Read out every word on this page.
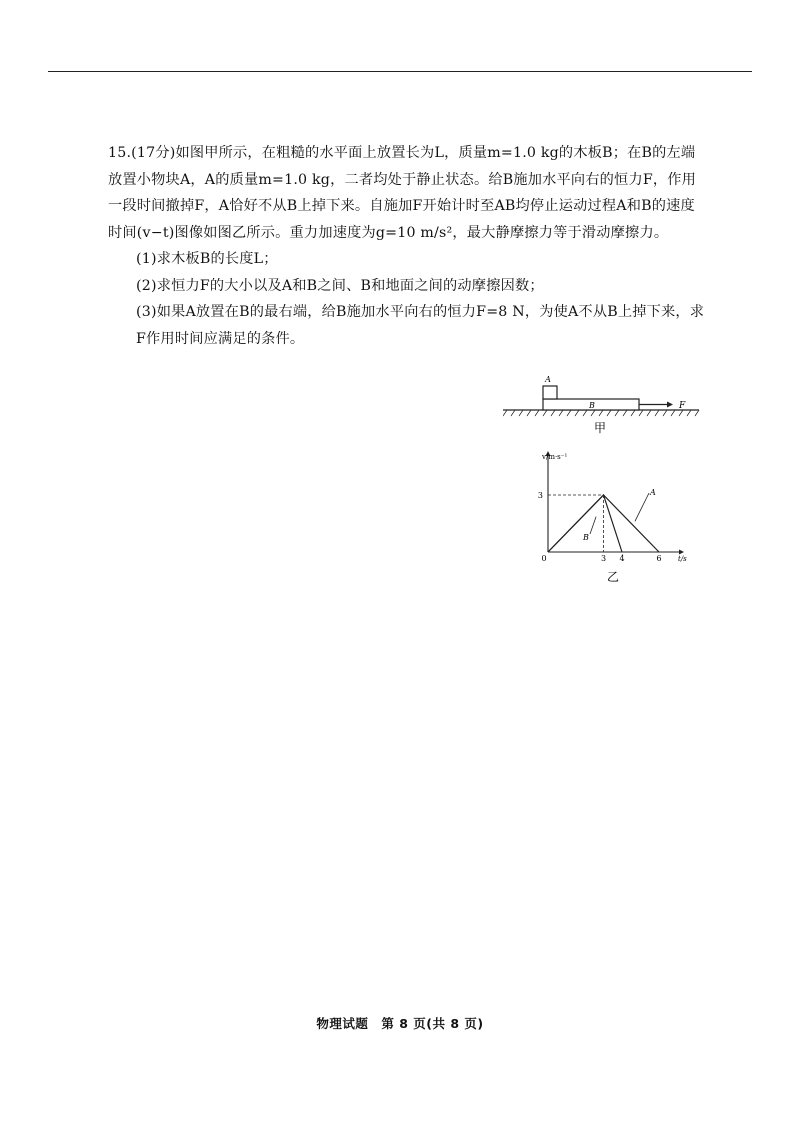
15.(17分)如图甲所示，在粗糙的水平面上放置长为L，质量m=1.0 kg的木板B；在B的左端放置小物块A，A的质量m=1.0 kg，二者均处于静止状态。给B施加水平向右的恒力F，作用一段时间撤掉F，A恰好不从B上掉下来。自施加F开始计时至AB均停止运动过程A和B的速度时间(v−t)图像如图乙所示。重力加速度为g=10 m/s²，最大静摩擦力等于滑动摩擦力。

(1)求木板B的长度L；

(2)求恒力F的大小以及A和B之间、B和地面之间的动摩擦因数；

(3)如果A放置在B的最右端，给B施加水平向右的恒力F=8 N，为使A不从B上掉下来，求F作用时间应满足的条件。

B
A
F
甲
3 4	6
3
v/m·s⁻¹
t/s
0
乙
A
B
物理试题　第 8 页(共 8 页)
